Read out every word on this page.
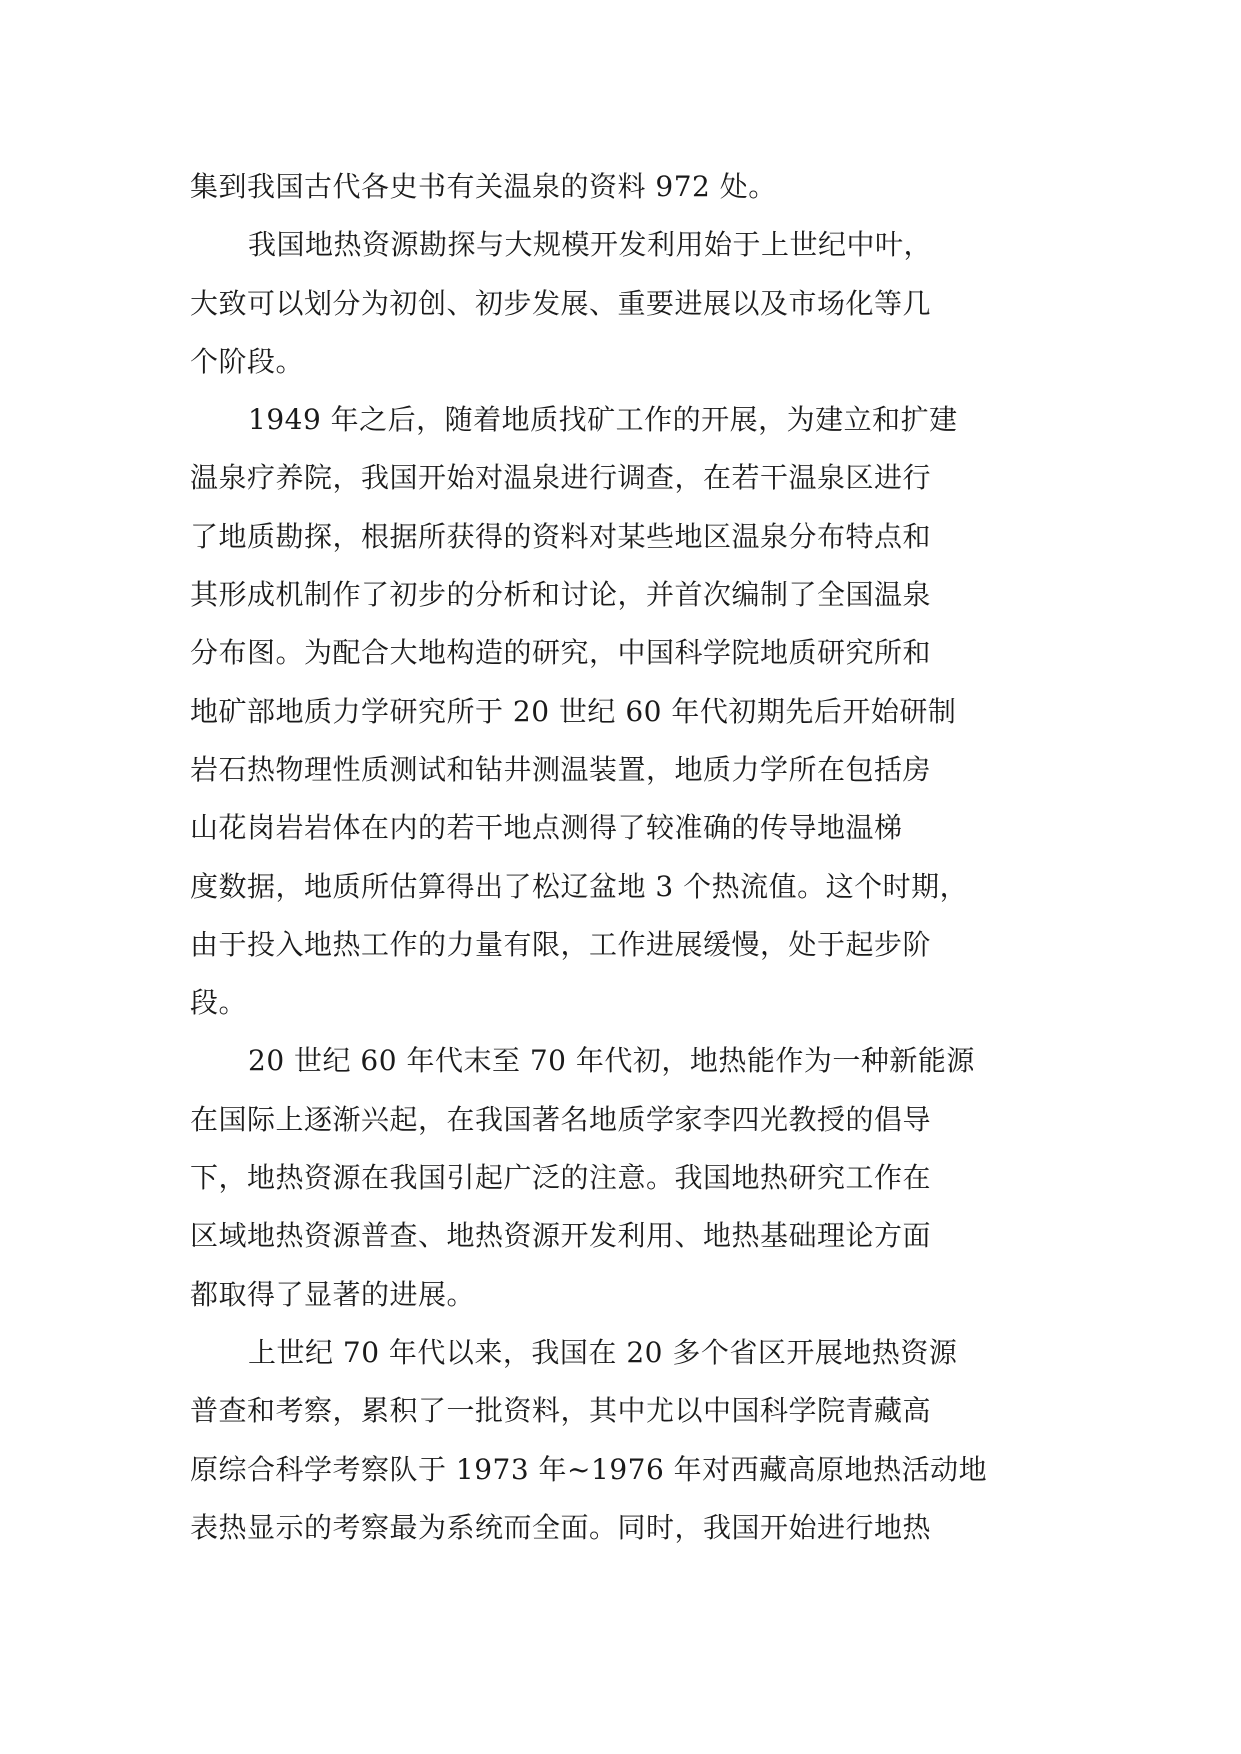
集到我国古代各史书有关温泉的资料 972 处。
我国地热资源勘探与大规模开发利用始于上世纪中叶，
大致可以划分为初创、初步发展、重要进展以及市场化等几
个阶段。
1949 年之后，随着地质找矿工作的开展，为建立和扩建
温泉疗养院，我国开始对温泉进行调查，在若干温泉区进行
了地质勘探，根据所获得的资料对某些地区温泉分布特点和
其形成机制作了初步的分析和讨论，并首次编制了全国温泉
分布图。为配合大地构造的研究，中国科学院地质研究所和
地矿部地质力学研究所于 20 世纪 60 年代初期先后开始研制
岩石热物理性质测试和钻井测温装置，地质力学所在包括房
山花岗岩岩体在内的若干地点测得了较准确的传导地温梯
度数据，地质所估算得出了松辽盆地 3 个热流值。这个时期，
由于投入地热工作的力量有限，工作进展缓慢，处于起步阶
段。
20 世纪 60 年代末至 70 年代初，地热能作为一种新能源
在国际上逐渐兴起，在我国著名地质学家李四光教授的倡导
下，地热资源在我国引起广泛的注意。我国地热研究工作在
区域地热资源普查、地热资源开发利用、地热基础理论方面
都取得了显著的进展。
上世纪 70 年代以来，我国在 20 多个省区开展地热资源
普查和考察，累积了一批资料，其中尤以中国科学院青藏高
原综合科学考察队于 1973 年~1976 年对西藏高原地热活动地
表热显示的考察最为系统而全面。同时，我国开始进行地热
